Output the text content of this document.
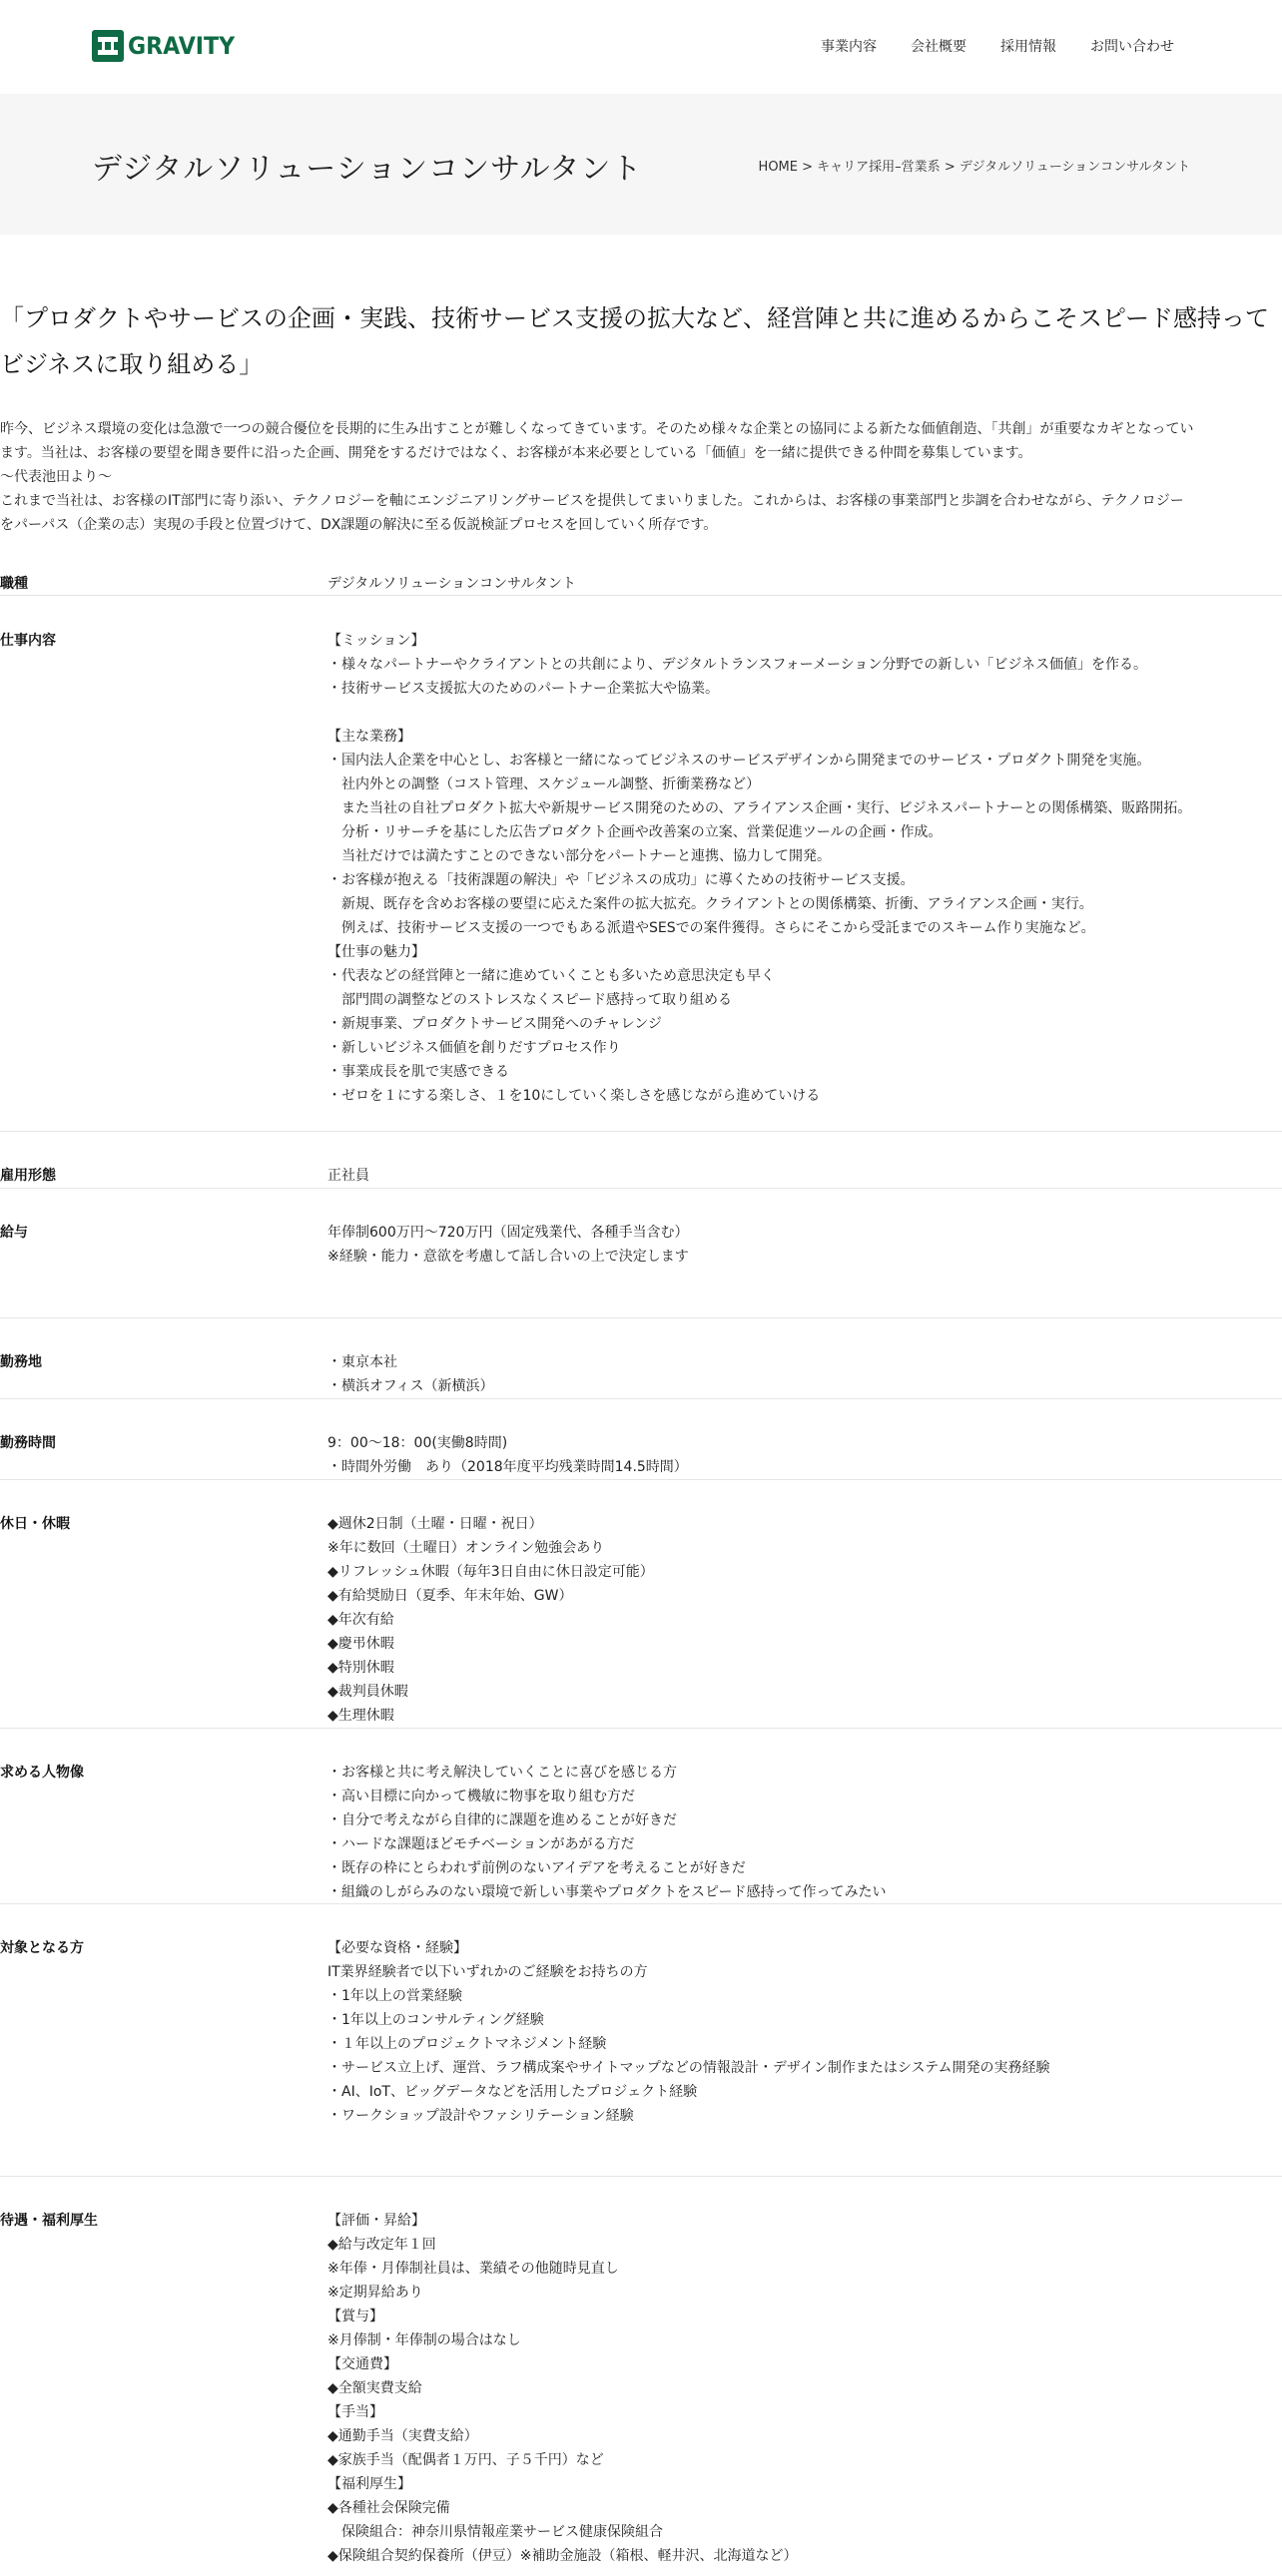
GRAVITY	事業内容 会社概要 採用情報 お問い合わせ
デジタルソリューションコンサルタント	HOME > キャリア採用–営業系 > デジタルソリューションコンサルタント

「プロダクトやサービスの企画・実践、技術サービス支援の拡大など、経営陣と共に進めるからこそスピード感持ってビジネスに取り組める」

昨今、ビジネス環境の変化は急激で一つの競合優位を長期的に生み出すことが難しくなってきています。そのため様々な企業との協同による新たな価値創造、「共創」が重要なカギとなってい
ます。当社は、お客様の要望を聞き要件に沿った企画、開発をするだけではなく、お客様が本来必要としている「価値」を一緒に提供できる仲間を募集しています。
～代表池田より～
これまで当社は、お客様のIT部門に寄り添い、テクノロジーを軸にエンジニアリングサービスを提供してまいりました。これからは、お客様の事業部門と歩調を合わせながら、テクノロジー
をパーパス（企業の志）実現の手段と位置づけて、DX課題の解決に至る仮説検証プロセスを回していく所存です。
職種	デジタルソリューションコンサルタント
仕事内容	【ミッション】
・様々なパートナーやクライアントとの共創により、デジタルトランスフォーメーション分野での新しい「ビジネス価値」を作る。
・技術サービス支援拡大のためのパートナー企業拡大や協業。

【主な業務】
・国内法人企業を中心とし、お客様と一緒になってビジネスのサービスデザインから開発までのサービス・プロダクト開発を実施。
　社内外との調整（コスト管理、スケジュール調整、折衝業務など）
　また当社の自社プロダクト拡大や新規サービス開発のための、アライアンス企画・実行、ビジネスパートナーとの関係構築、販路開拓。
　分析・リサーチを基にした広告プロダクト企画や改善案の立案、営業促進ツールの企画・作成。
　当社だけでは満たすことのできない部分をパートナーと連携、協力して開発。
・お客様が抱える「技術課題の解決」や「ビジネスの成功」に導くための技術サービス支援。
　新規、既存を含めお客様の要望に応えた案件の拡大拡充。クライアントとの関係構築、折衝、アライアンス企画・実行。
　例えば、技術サービス支援の一つでもある派遣やSESでの案件獲得。さらにそこから受託までのスキーム作り実施など。
【仕事の魅力】
・代表などの経営陣と一緒に進めていくことも多いため意思決定も早く
　部門間の調整などのストレスなくスピード感持って取り組める
・新規事業、プロダクトサービス開発へのチャレンジ
・新しいビジネス価値を創りだすプロセス作り
・事業成長を肌で実感できる
・ゼロを１にする楽しさ、１を10にしていく楽しさを感じながら進めていける
雇用形態	正社員
給与	年俸制600万円～720万円（固定残業代、各種手当含む）
※経験・能力・意欲を考慮して話し合いの上で決定します
勤務地	・東京本社
・横浜オフィス（新横浜）
勤務時間	9：00～18：00(実働8時間)
・時間外労働　あり（2018年度平均残業時間14.5時間）
休日・休暇	◆週休2日制（土曜・日曜・祝日）
※年に数回（土曜日）オンライン勉強会あり
◆リフレッシュ休暇（毎年3日自由に休日設定可能）
◆有給奨励日（夏季、年末年始、GW）
◆年次有給
◆慶弔休暇
◆特別休暇
◆裁判員休暇
◆生理休暇
求める人物像	・お客様と共に考え解決していくことに喜びを感じる方
・高い目標に向かって機敏に物事を取り組む方だ
・自分で考えながら自律的に課題を進めることが好きだ
・ハードな課題ほどモチベーションがあがる方だ
・既存の枠にとらわれず前例のないアイデアを考えることが好きだ
・組織のしがらみのない環境で新しい事業やプロダクトをスピード感持って作ってみたい
対象となる方	【必要な資格・経験】
IT業界経験者で以下いずれかのご経験をお持ちの方
・1年以上の営業経験
・1年以上のコンサルティング経験
・１年以上のプロジェクトマネジメント経験
・サービス立上げ、運営、ラフ構成案やサイトマップなどの情報設計・デザイン制作またはシステム開発の実務経験
・AI、IoT、ビッグデータなどを活用したプロジェクト経験
・ワークショップ設計やファシリテーション経験
待遇・福利厚生	【評価・昇給】
◆給与改定年１回
※年俸・月俸制社員は、業績その他随時見直し
※定期昇給あり
【賞与】
※月俸制・年俸制の場合はなし
【交通費】
◆全額実費支給
【手当】
◆通勤手当（実費支給）
◆家族手当（配偶者１万円、子５千円）など
【福利厚生】
◆各種社会保険完備
　保険組合：神奈川県情報産業サービス健康保険組合
◆保険組合契約保養所（伊豆）※補助金施設（箱根、軽井沢、北海道など）
